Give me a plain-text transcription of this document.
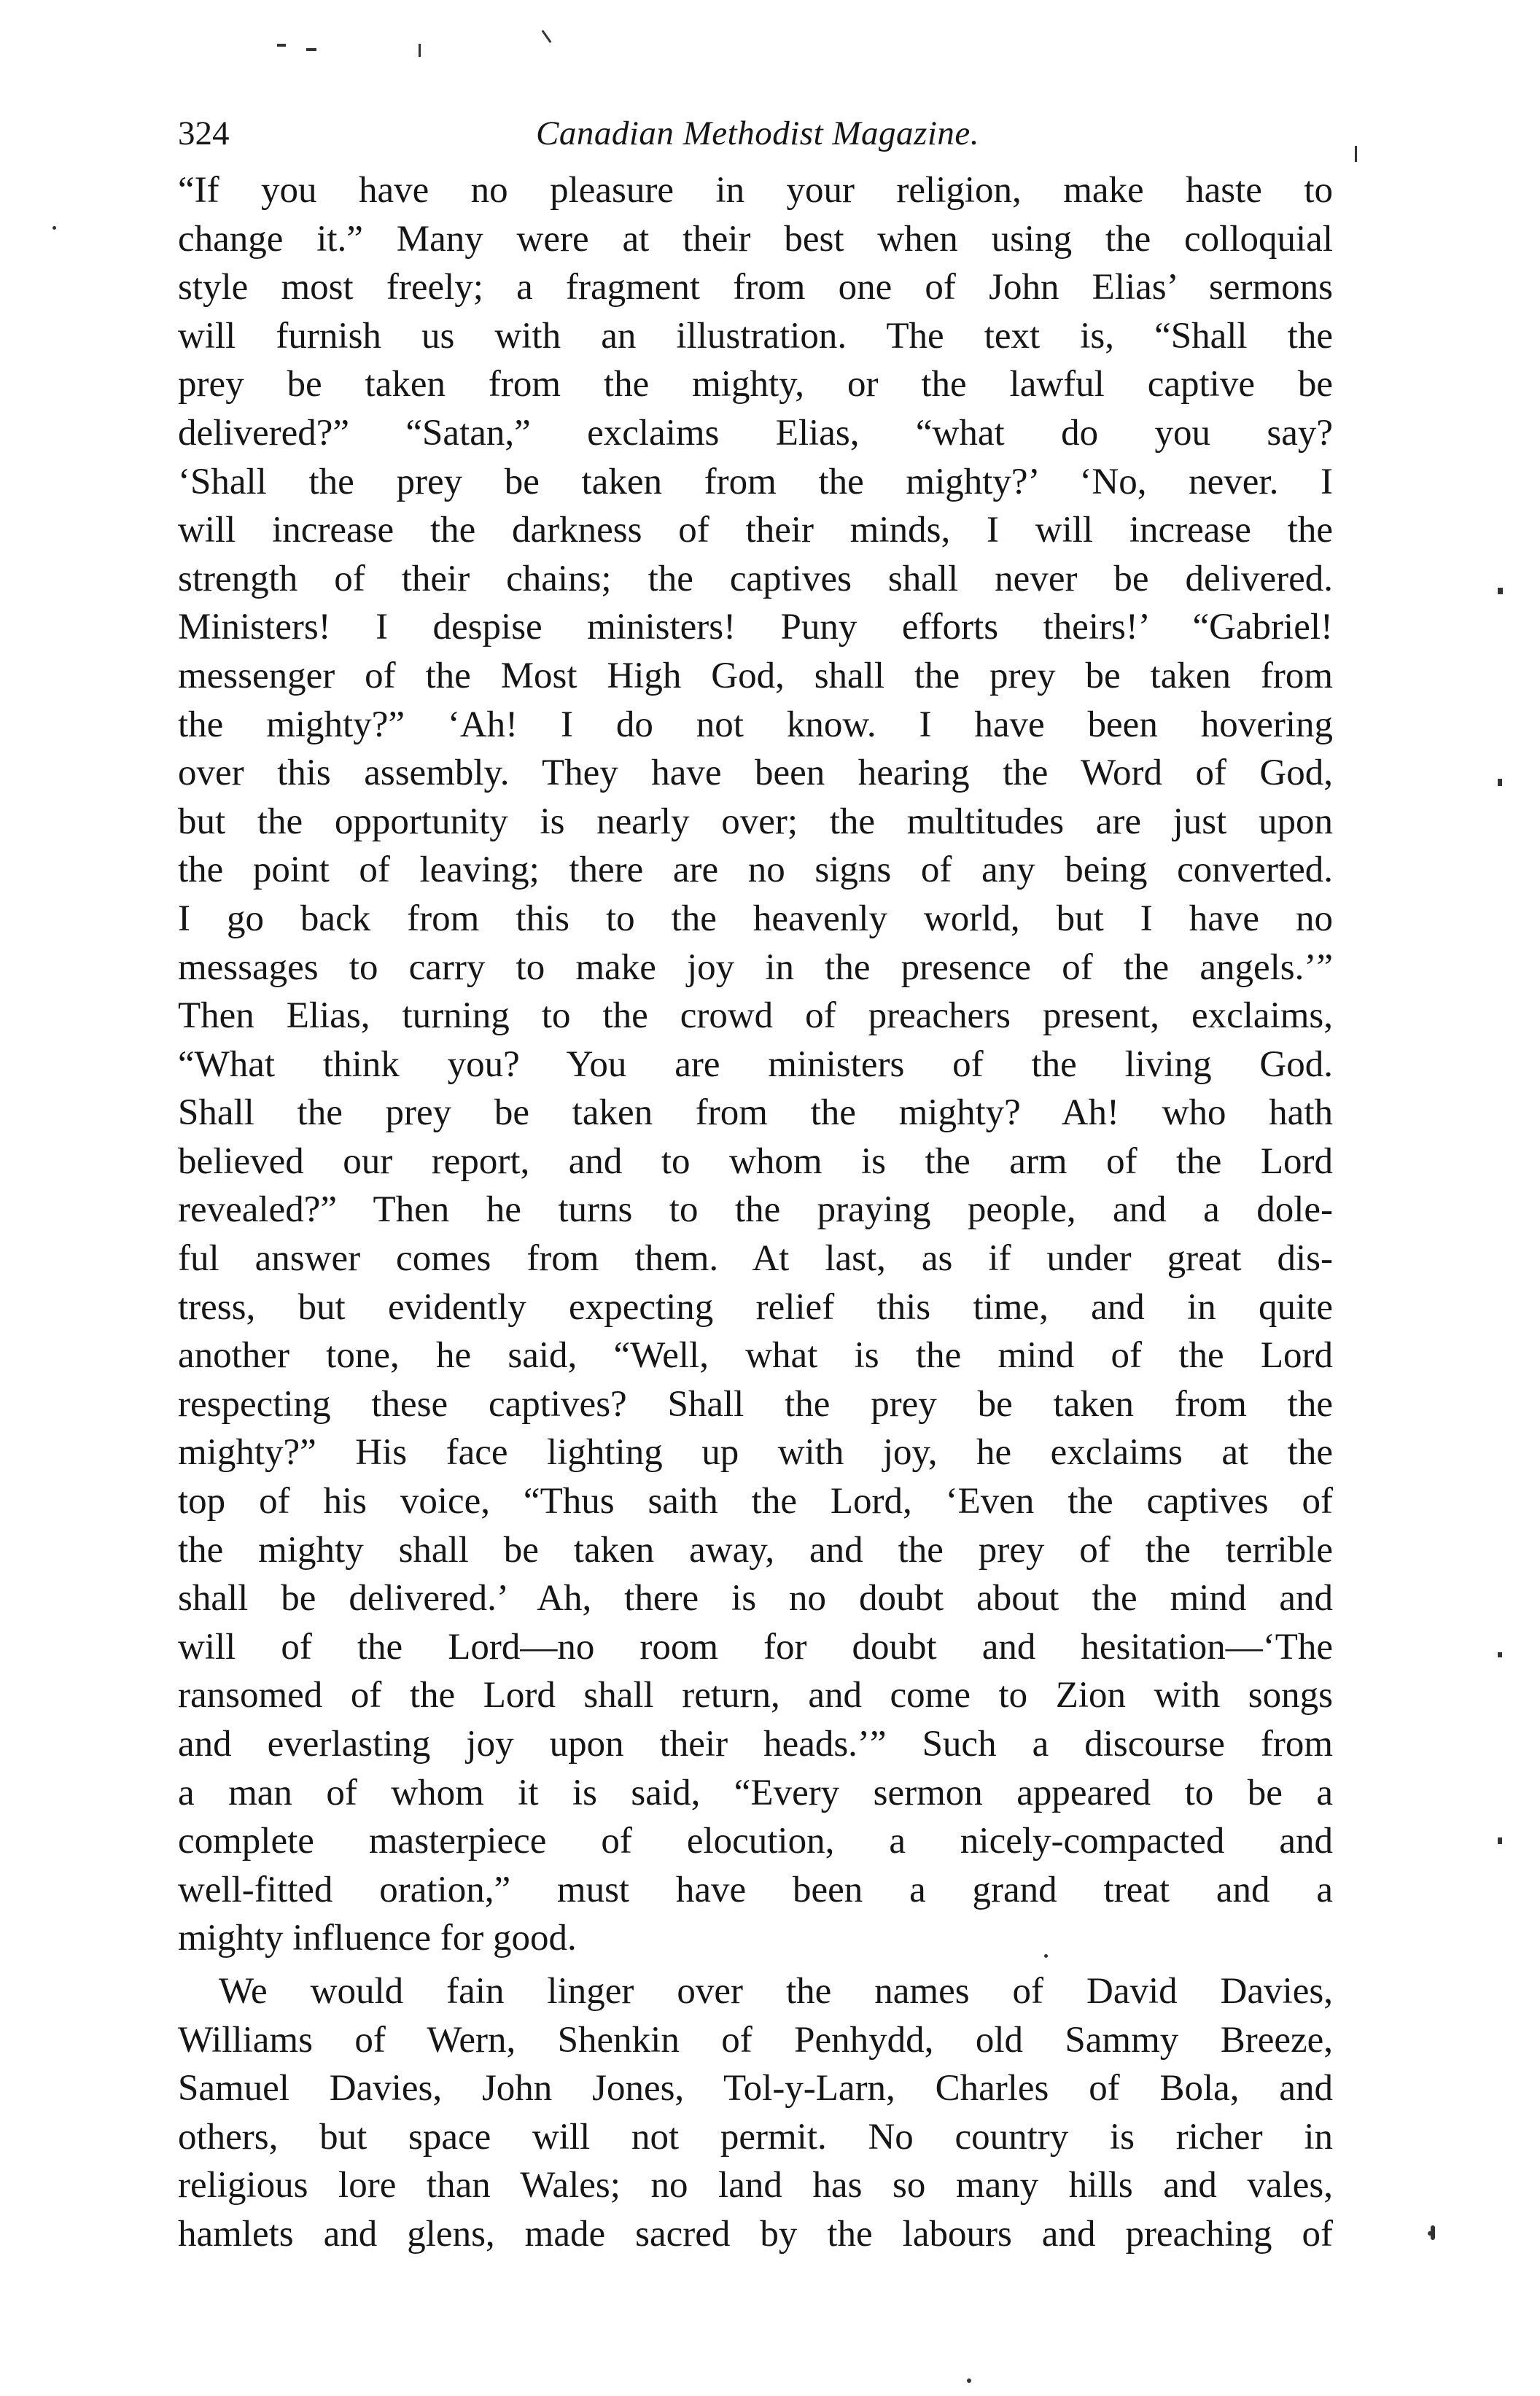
324	Canadian Methodist Magazine.

“If you have no pleasure in your religion, make haste to
change it.” Many were at their best when using the colloquial
style most freely; a fragment from one of John Elias’ sermons
will furnish us with an illustration. The text is, “Shall the
prey be taken from the mighty, or the lawful captive be
delivered?” “Satan,” exclaims Elias, “what do you say?
‘Shall the prey be taken from the mighty?’ ‘No, never. I
will increase the darkness of their minds, I will increase the
strength of their chains; the captives shall never be delivered.
Ministers! I despise ministers! Puny efforts theirs!’ “Gabriel!
messenger of the Most High God, shall the prey be taken from
the mighty?” ‘Ah! I do not know. I have been hovering
over this assembly. They have been hearing the Word of God,
but the opportunity is nearly over; the multitudes are just upon
the point of leaving; there are no signs of any being converted.
I go back from this to the heavenly world, but I have no
messages to carry to make joy in the presence of the angels.’”
Then Elias, turning to the crowd of preachers present, exclaims,
“What think you? You are ministers of the living God.
Shall the prey be taken from the mighty? Ah! who hath
believed our report, and to whom is the arm of the Lord
revealed?” Then he turns to the praying people, and a dole-
ful answer comes from them. At last, as if under great dis-
tress, but evidently expecting relief this time, and in quite
another tone, he said, “Well, what is the mind of the Lord
respecting these captives? Shall the prey be taken from the
mighty?” His face lighting up with joy, he exclaims at the
top of his voice, “Thus saith the Lord, ‘Even the captives of
the mighty shall be taken away, and the prey of the terrible
shall be delivered.’ Ah, there is no doubt about the mind and
will of the Lord—no room for doubt and hesitation—‘The
ransomed of the Lord shall return, and come to Zion with songs
and everlasting joy upon their heads.’” Such a discourse from
a man of whom it is said, “Every sermon appeared to be a
complete masterpiece of elocution, a nicely-compacted and
well-fitted oration,” must have been a grand treat and a
mighty influence for good.

We would fain linger over the names of David Davies,
Williams of Wern, Shenkin of Penhydd, old Sammy Breeze,
Samuel Davies, John Jones, Tol-y-Larn, Charles of Bola, and
others, but space will not permit. No country is richer in
religious lore than Wales; no land has so many hills and vales,
hamlets and glens, made sacred by the labours and preaching of
